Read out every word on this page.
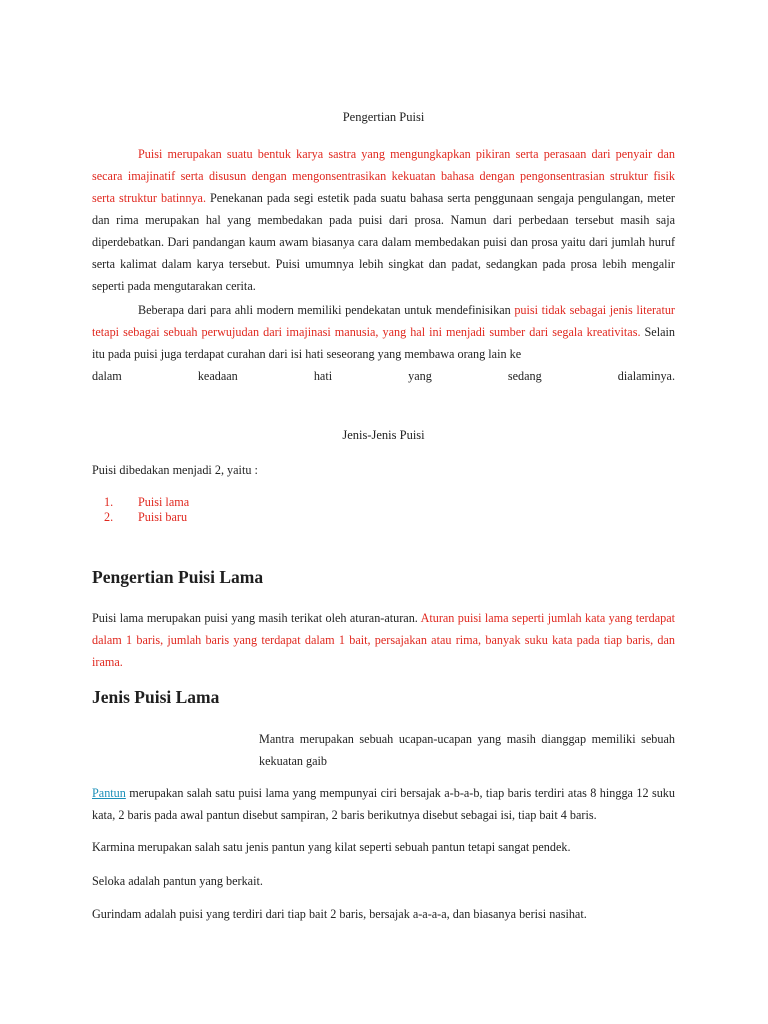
Pengertian Puisi

Puisi merupakan suatu bentuk karya sastra yang mengungkapkan pikiran serta perasaan dari penyair dan secara imajinatif serta disusun dengan mengonsentrasikan kekuatan bahasa dengan pengonsentrasian struktur fisik serta struktur batinnya. Penekanan pada segi estetik pada suatu bahasa serta penggunaan sengaja pengulangan, meter dan rima merupakan hal yang membedakan pada puisi dari prosa. Namun dari perbedaan tersebut masih saja diperdebatkan. Dari pandangan kaum awam biasanya cara dalam membedakan puisi dan prosa yaitu dari jumlah huruf serta kalimat dalam karya tersebut. Puisi umumnya lebih singkat dan padat, sedangkan pada prosa lebih mengalir seperti pada mengutarakan cerita.

Beberapa dari para ahli modern memiliki pendekatan untuk mendefinisikan puisi tidak sebagai jenis literatur tetapi sebagai sebuah perwujudan dari imajinasi manusia, yang hal ini menjadi sumber dari segala kreativitas. Selain itu pada puisi juga terdapat curahan dari isi hati seseorang yang membawa orang lain ke

dalam keadaan hati yang sedang dialaminya.

Jenis-Jenis Puisi

Puisi dibedakan menjadi 2, yaitu :

1. Puisi lama
2. Puisi baru
Pengertian Puisi Lama

Puisi lama merupakan puisi yang masih terikat oleh aturan-aturan. Aturan puisi lama seperti jumlah kata yang terdapat dalam 1 baris, jumlah baris yang terdapat dalam 1 bait, persajakan atau rima, banyak suku kata pada tiap baris, dan irama.

Jenis Puisi Lama

Mantra merupakan sebuah ucapan-ucapan yang masih dianggap memiliki sebuah kekuatan gaib

Pantun merupakan salah satu puisi lama yang mempunyai ciri bersajak a-b-a-b, tiap baris terdiri atas 8 hingga 12 suku kata, 2 baris pada awal pantun disebut sampiran, 2 baris berikutnya disebut sebagai isi, tiap bait 4 baris.

Karmina merupakan salah satu jenis pantun yang kilat seperti sebuah pantun tetapi sangat pendek.

Seloka adalah pantun yang berkait.

Gurindam adalah puisi yang terdiri dari tiap bait 2 baris, bersajak a-a-a-a, dan biasanya berisi nasihat.
